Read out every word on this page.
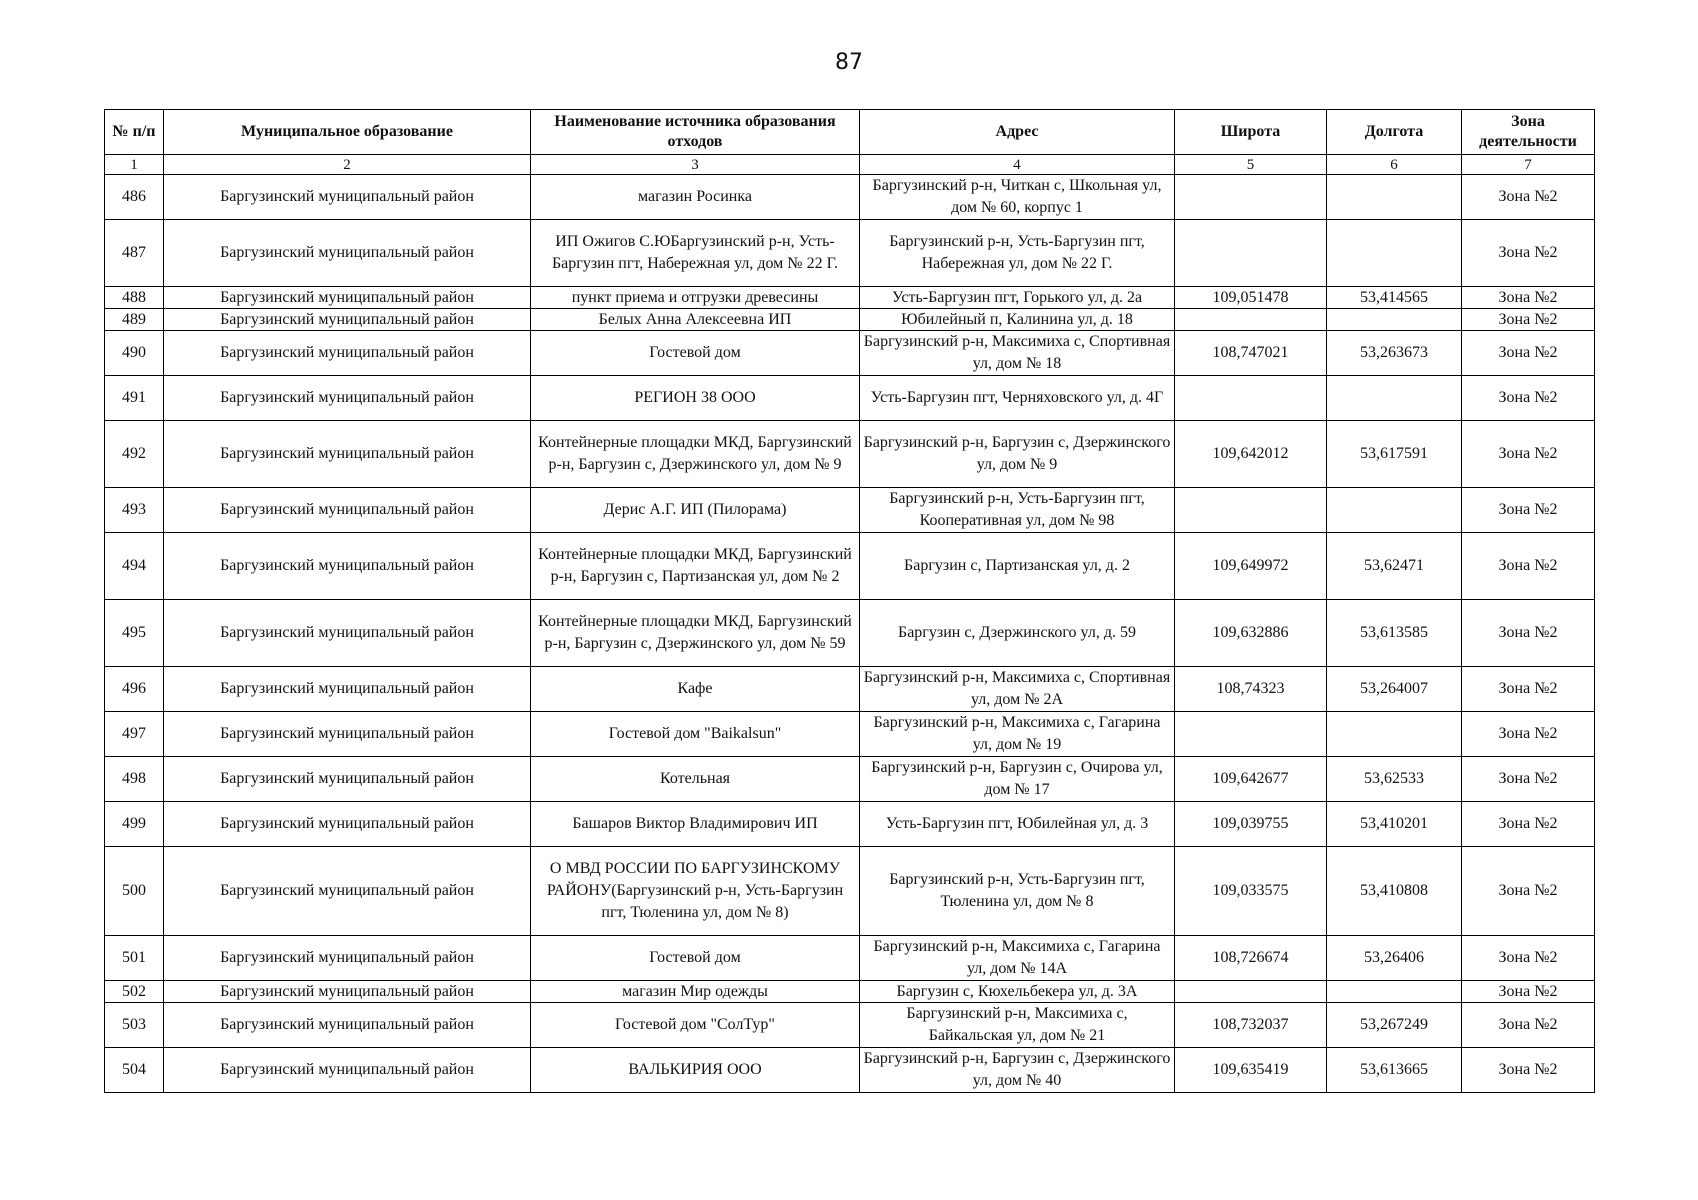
87
№ п/п	Муниципальное образование	Наименование источника образования отходов	Адрес	Широта	Долгота	Зона деятельности
1	2	3	4	5	6	7
486	Баргузинский муниципальный район	магазин Росинка	Баргузинский р-н, Читкан с, Школьная ул, дом № 60, корпус 1			Зона №2
487	Баргузинский муниципальный район	ИП Ожигов С.ЮБаргузинский р-н, Усть-Баргузин пгт, Набережная ул, дом № 22 Г.	Баргузинский р-н, Усть-Баргузин пгт, Набережная ул, дом № 22 Г.			Зона №2
488	Баргузинский муниципальный район	пункт приема и отгрузки древесины	Усть-Баргузин пгт, Горького ул, д. 2а	109,051478	53,414565	Зона №2
489	Баргузинский муниципальный район	Белых Анна Алексеевна ИП	Юбилейный п, Калинина ул, д. 18			Зона №2
490	Баргузинский муниципальный район	Гостевой дом	Баргузинский р-н, Максимиха с, Спортивная ул, дом № 18	108,747021	53,263673	Зона №2
491	Баргузинский муниципальный район	РЕГИОН 38 ООО	Усть-Баргузин пгт, Черняховского ул, д. 4Г			Зона №2
492	Баргузинский муниципальный район	Контейнерные площадки МКД, Баргузинский р-н, Баргузин с, Дзержинского ул, дом № 9	Баргузинский р-н, Баргузин с, Дзержинского ул, дом № 9	109,642012	53,617591	Зона №2
493	Баргузинский муниципальный район	Дерис А.Г. ИП (Пилорама)	Баргузинский р-н, Усть-Баргузин пгт, Кооперативная ул, дом № 98			Зона №2
494	Баргузинский муниципальный район	Контейнерные площадки МКД, Баргузинский р-н, Баргузин с, Партизанская ул, дом № 2	Баргузин с, Партизанская ул, д. 2	109,649972	53,62471	Зона №2
495	Баргузинский муниципальный район	Контейнерные площадки МКД, Баргузинский р-н, Баргузин с, Дзержинского ул, дом № 59	Баргузин с, Дзержинского ул, д. 59	109,632886	53,613585	Зона №2
496	Баргузинский муниципальный район	Кафе	Баргузинский р-н, Максимиха с, Спортивная ул, дом № 2А	108,74323	53,264007	Зона №2
497	Баргузинский муниципальный район	Гостевой дом "Baikalsun"	Баргузинский р-н, Максимиха с, Гагарина ул, дом № 19			Зона №2
498	Баргузинский муниципальный район	Котельная	Баргузинский р-н, Баргузин с, Очирова ул, дом № 17	109,642677	53,62533	Зона №2
499	Баргузинский муниципальный район	Башаров Виктор Владимирович ИП	Усть-Баргузин пгт, Юбилейная ул, д. 3	109,039755	53,410201	Зона №2
500	Баргузинский муниципальный район	О МВД РОССИИ ПО БАРГУЗИНСКОМУ РАЙОНУ(Баргузинский р-н, Усть-Баргузин пгт, Тюленина ул, дом № 8)	Баргузинский р-н, Усть-Баргузин пгт, Тюленина ул, дом № 8	109,033575	53,410808	Зона №2
501	Баргузинский муниципальный район	Гостевой дом	Баргузинский р-н, Максимиха с, Гагарина ул, дом № 14А	108,726674	53,26406	Зона №2
502	Баргузинский муниципальный район	магазин Мир одежды	Баргузин с, Кюхельбекера ул, д. 3А			Зона №2
503	Баргузинский муниципальный район	Гостевой дом "СолТур"	Баргузинский р-н, Максимиха с, Байкальская ул, дом № 21	108,732037	53,267249	Зона №2
504	Баргузинский муниципальный район	ВАЛЬКИРИЯ ООО	Баргузинский р-н, Баргузин с, Дзержинского ул, дом № 40	109,635419	53,613665	Зона №2
